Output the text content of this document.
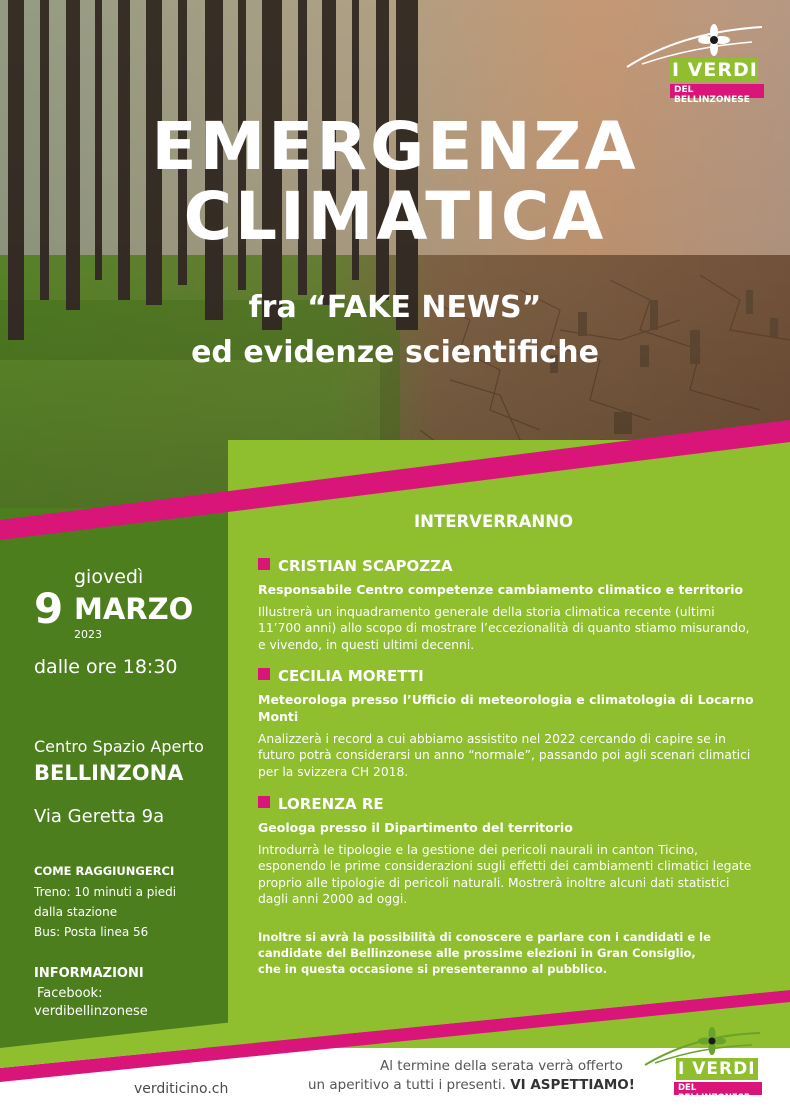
EMERGENZA
CLIMATICA
fra “FAKE NEWS”
ed evidenze scientifiche
I VERDI
DEL BELLINZONESE
giovedì
9 MARZO
2023
dalle ore 18:30
Centro Spazio Aperto
BELLINZONA
Via Geretta 9a
COME RAGGIUNGERCI
Treno: 10 minuti a piedi
dalla stazione
Bus: Posta linea 56
INFORMAZIONI
Facebook:
verdibellinzonese
INTERVERRANNO

CRISTIAN SCAPOZZA

Responsabile Centro competenze cambiamento climatico e territorio

Illustrerà un inquadramento generale della storia climatica recente (ultimi 11’700 anni) allo scopo di mostrare l’eccezionalità di quanto stiamo misurando, e vivendo, in questi ultimi decenni.

CECILIA MORETTI

Meteorologa presso l’Ufficio di meteorologia e climatologia di Locarno Monti

Analizzerà i record a cui abbiamo assistito nel 2022 cercando di capire se in futuro potrà considerarsi un anno “normale”, passando poi agli scenari climatici per la svizzera CH 2018.

LORENZA RE

Geologa presso il Dipartimento del territorio

Introdurrà le tipologie e la gestione dei pericoli naurali in canton Ticino, esponendo le prime considerazioni sugli effetti dei cambiamenti climatici legate proprio alle tipologie di pericoli naturali. Mostrerà inoltre alcuni dati statistici dagli anni 2000 ad oggi.

Inoltre si avrà la possibilità di conoscere e parlare con i candidati e le
candidate del Bellinzonese alle prossime elezioni in Gran Consiglio,
che in questa occasione si presenteranno al pubblico.
verditicino.ch
Al termine della serata verrà offerto
un aperitivo a tutti i presenti. VI ASPETTIAMO!
I VERDI
DEL BELLINZONESE
